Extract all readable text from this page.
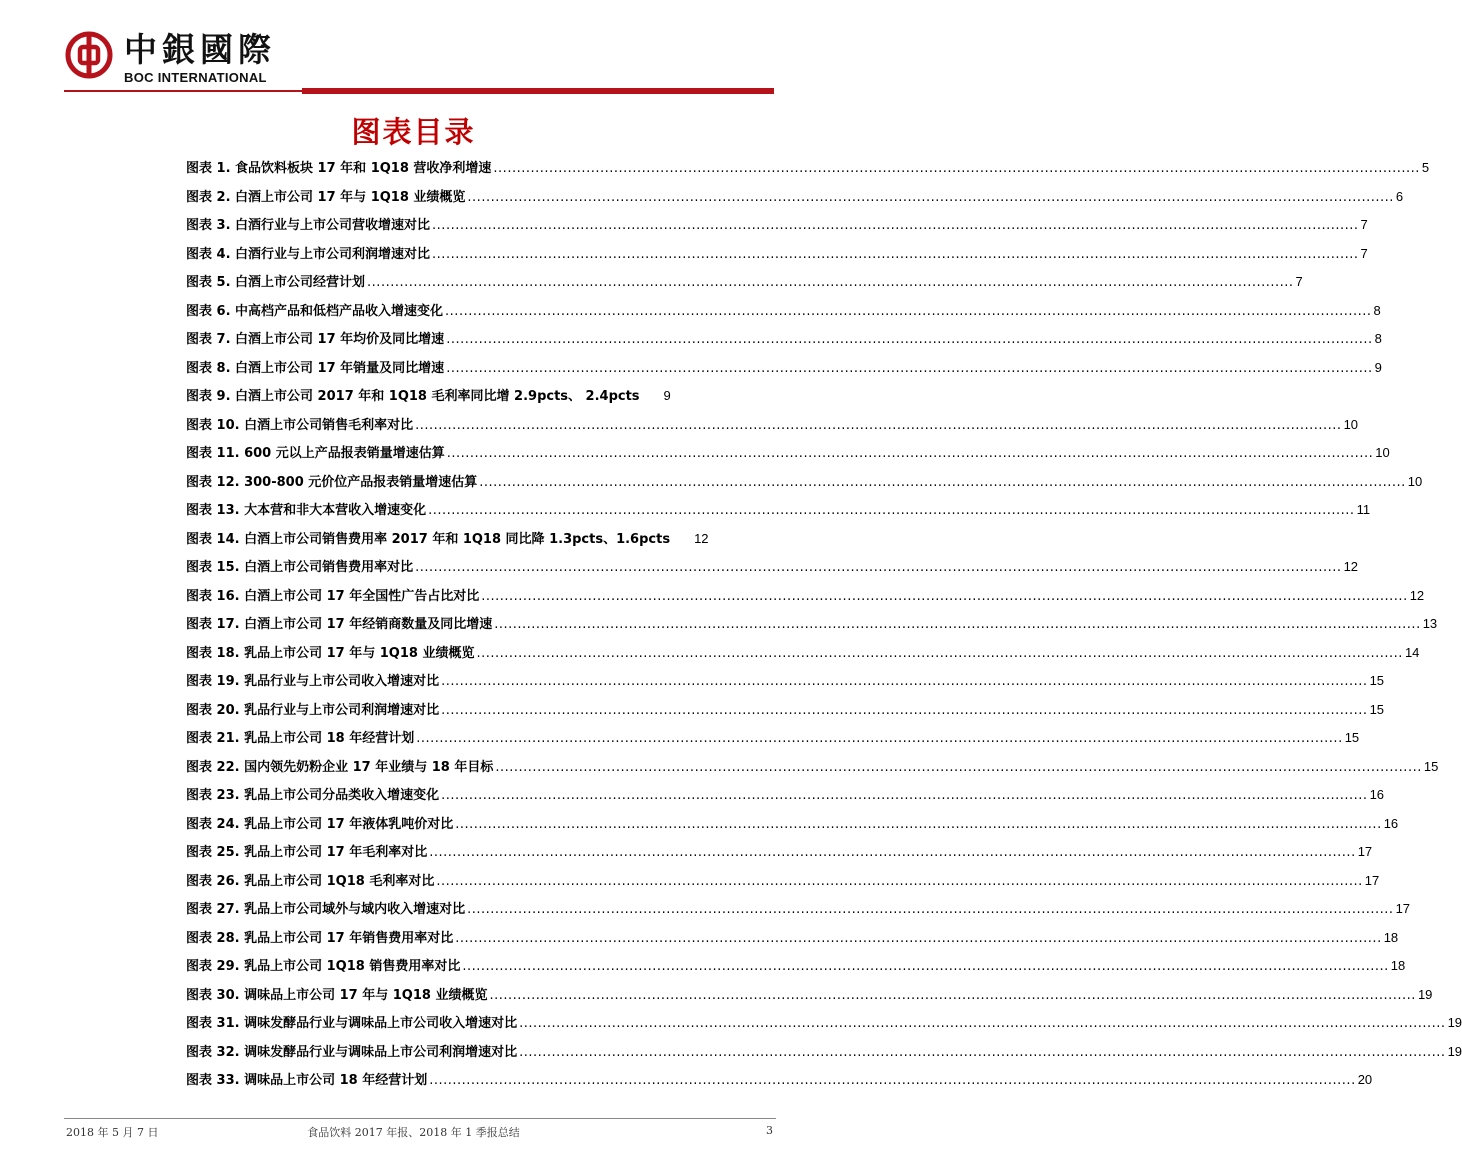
中銀國際
BOC INTERNATIONAL
图表目录
图表 1. 食品饮料板块 17 年和 1Q18 营收净利增速 ........................................................................................................................................................................................................ 5
图表 2. 白酒上市公司 17 年与 1Q18 业绩概览 ........................................................................................................................................................................................................ 6
图表 3. 白酒行业与上市公司营收增速对比 ........................................................................................................................................................................................................ 7
图表 4. 白酒行业与上市公司利润增速对比 ........................................................................................................................................................................................................ 7
图表 5. 白酒上市公司经营计划 ........................................................................................................................................................................................................ 7
图表 6. 中高档产品和低档产品收入增速变化 ........................................................................................................................................................................................................ 8
图表 7. 白酒上市公司 17 年均价及同比增速 ........................................................................................................................................................................................................ 8
图表 8. 白酒上市公司 17 年销量及同比增速 ........................................................................................................................................................................................................ 9
图表 9. 白酒上市公司 2017 年和 1Q18 毛利率同比增 2.9pcts、 2.4pcts 9
图表 10. 白酒上市公司销售毛利率对比 ........................................................................................................................................................................................................ 10
图表 11. 600 元以上产品报表销量增速估算 ........................................................................................................................................................................................................ 10
图表 12. 300-800 元价位产品报表销量增速估算 ........................................................................................................................................................................................................ 10
图表 13. 大本营和非大本营收入增速变化 ........................................................................................................................................................................................................ 11
图表 14. 白酒上市公司销售费用率 2017 年和 1Q18 同比降 1.3pcts、1.6pcts 12
图表 15. 白酒上市公司销售费用率对比 ........................................................................................................................................................................................................ 12
图表 16. 白酒上市公司 17 年全国性广告占比对比 ........................................................................................................................................................................................................ 12
图表 17. 白酒上市公司 17 年经销商数量及同比增速 ........................................................................................................................................................................................................ 13
图表 18. 乳品上市公司 17 年与 1Q18 业绩概览 ........................................................................................................................................................................................................ 14
图表 19. 乳品行业与上市公司收入增速对比 ........................................................................................................................................................................................................ 15
图表 20. 乳品行业与上市公司利润增速对比 ........................................................................................................................................................................................................ 15
图表 21. 乳品上市公司 18 年经营计划 ........................................................................................................................................................................................................ 15
图表 22. 国内领先奶粉企业 17 年业绩与 18 年目标 ........................................................................................................................................................................................................ 15
图表 23. 乳品上市公司分品类收入增速变化 ........................................................................................................................................................................................................ 16
图表 24. 乳品上市公司 17 年液体乳吨价对比 ........................................................................................................................................................................................................ 16
图表 25. 乳品上市公司 17 年毛利率对比 ........................................................................................................................................................................................................ 17
图表 26. 乳品上市公司 1Q18 毛利率对比 ........................................................................................................................................................................................................ 17
图表 27. 乳品上市公司域外与域内收入增速对比 ........................................................................................................................................................................................................ 17
图表 28. 乳品上市公司 17 年销售费用率对比 ........................................................................................................................................................................................................ 18
图表 29. 乳品上市公司 1Q18 销售费用率对比 ........................................................................................................................................................................................................ 18
图表 30. 调味品上市公司 17 年与 1Q18 业绩概览 ........................................................................................................................................................................................................ 19
图表 31. 调味发酵品行业与调味品上市公司收入增速对比 ........................................................................................................................................................................................................ 19
图表 32. 调味发酵品行业与调味品上市公司利润增速对比 ........................................................................................................................................................................................................ 19
图表 33. 调味品上市公司 18 年经营计划 ........................................................................................................................................................................................................ 20
2018 年 5 月 7 日	食品饮料 2017 年报、2018 年 1 季报总结	3
